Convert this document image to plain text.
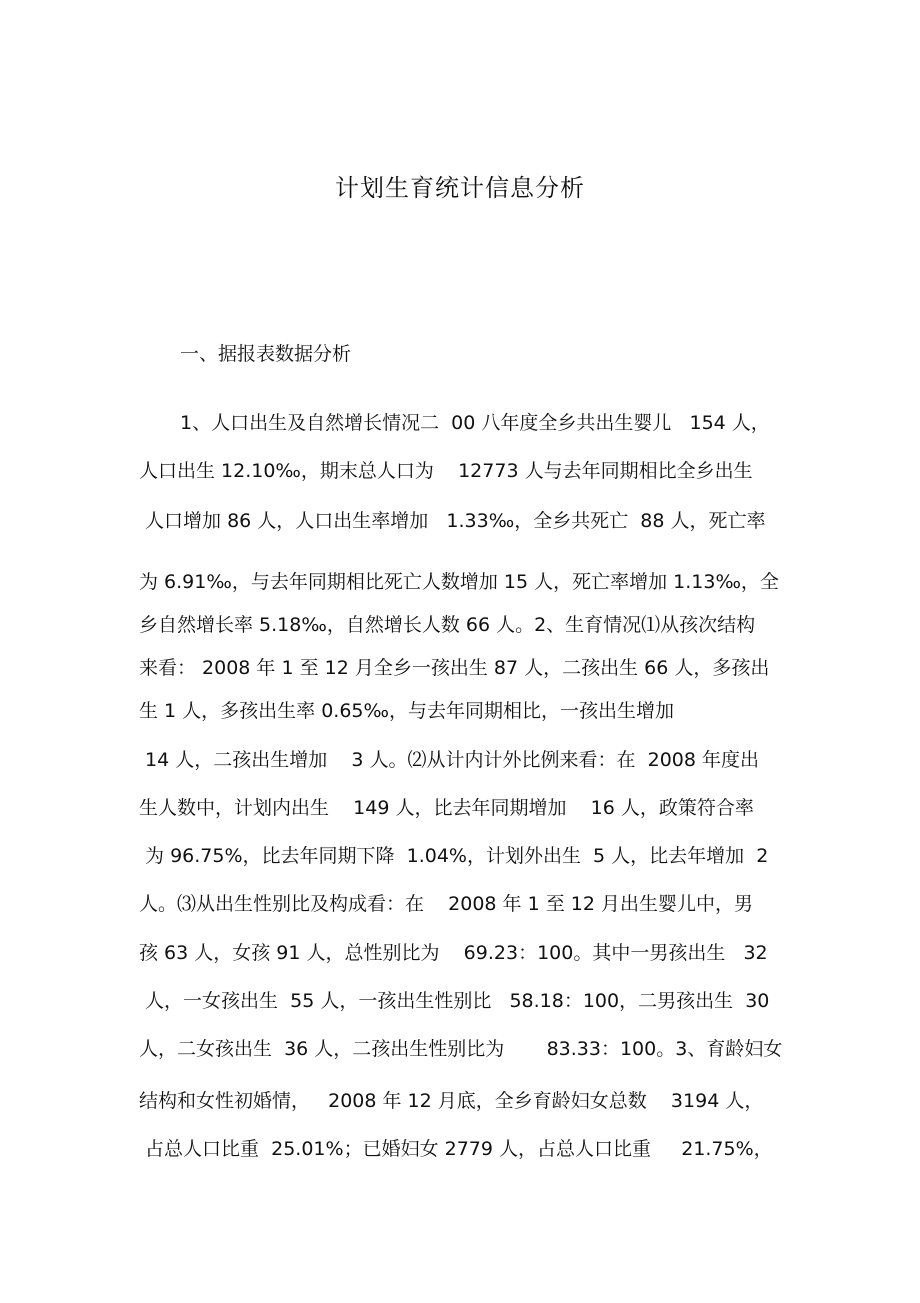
计划生育统计信息分析
一、据报表数据分析
1、人口出生及自然增长情况二  00 八年度全乡共出生婴儿   154 人，
人口出生 12.10‰，期末总人口为    12773 人与去年同期相比全乡出生
人口增加 86 人，人口出生率增加   1.33‰，全乡共死亡  88 人，死亡率
为 6.91‰，与去年同期相比死亡人数增加 15 人，死亡率增加 1.13‰，全
乡自然增长率 5.18‰，自然增长人数 66 人。2、生育情况⑴从孩次结构
来看： 2008 年 1 至 12 月全乡一孩出生 87 人，二孩出生 66 人，多孩出
生 1 人，多孩出生率 0.65‰，与去年同期相比，一孩出生增加
14 人，二孩出生增加    3 人。⑵从计内计外比例来看：在  2008 年度出
生人数中，计划内出生    149 人，比去年同期增加    16 人，政策符合率
为 96.75%，比去年同期下降  1.04%，计划外出生  5 人，比去年增加  2
人。⑶从出生性别比及构成看：在    2008 年 1 至 12 月出生婴儿中，男
孩 63 人，女孩 91 人，总性别比为    69.23：100。其中一男孩出生   32
人，一女孩出生  55 人，一孩出生性别比   58.18：100，二男孩出生  30
人，二女孩出生  36 人，二孩出生性别比为       83.33：100。3、育龄妇女
结构和女性初婚情，   2008 年 12 月底，全乡育龄妇女总数    3194 人，
占总人口比重  25.01%；已婚妇女 2779 人，占总人口比重     21.75%，
